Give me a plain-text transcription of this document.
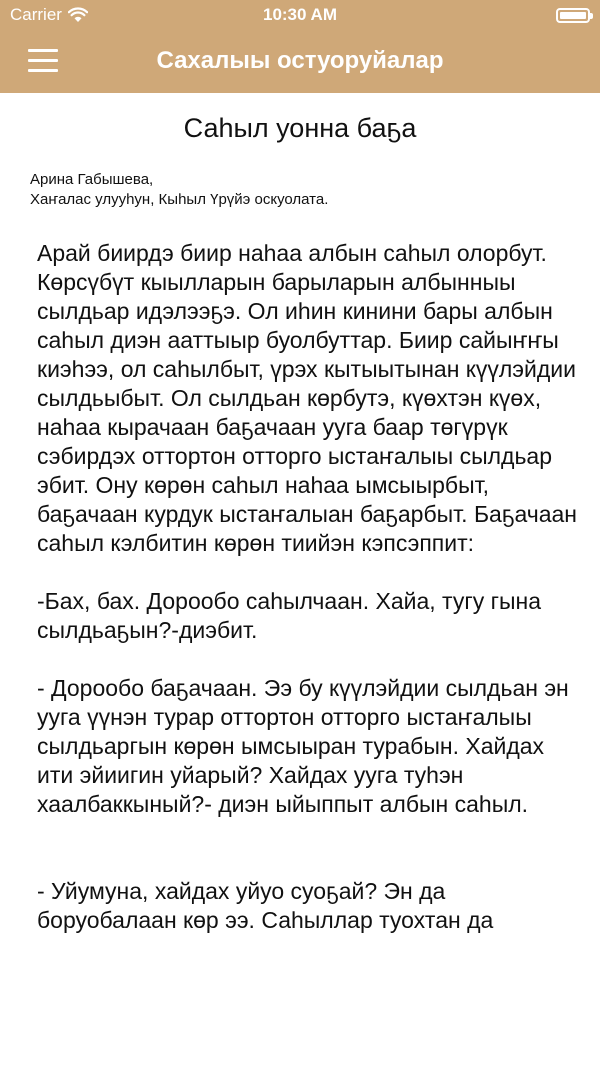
Carrier	10:30 AM
Сахалыы остуоруйалар
Саһыл уонна баҕа
Арина Габышева,
Хаҥалас улууһун, Кыһыл Үрүйэ оскуолата.

Арай биирдэ биир наһаа албын саһыл олорбут. Көрсүбүт кыылларын барыларын албынныы сылдьар идэлээҕэ. Ол иһин кинини бары албын саһыл диэн ааттыыр буолбуттар. Биир сайыҥҥы киэһээ, ол саһылбыт, үрэх кытыытынан күүлэйдии сылдьыбыт. Ол сылдьан көрбутэ, күөхтэн күөх, наһаа кырачаан баҕачаан ууга баар төгүрүк сэбирдэх оттортон отторго ыстаҥалыы сылдьар эбит. Ону көрөн саһыл наһаа ымсыырбыт, баҕачаан курдук ыстаҥалыан баҕарбыт. Баҕачаан саһыл кэлбитин көрөн тиийэн кэпсэппит:

-Бах, бах. Дорообо саһылчаан. Хайа, тугу гына сылдьаҕын?-диэбит.

- Дорообо баҕачаан. Ээ бу күүлэйдии сылдьан эн ууга үүнэн турар оттортон отторго ыстаҥалыы сылдьаргын көрөн ымсыыран турабын. Хайдах ити эйиигин уйарый? Хайдах ууга туһэн хаалбаккыный?- диэн ыйыппыт албын саһыл.

- Уйумуна, хайдах уйуо суоҕай? Эн да боруобалаан көр ээ. Саһыллар туохтан да
